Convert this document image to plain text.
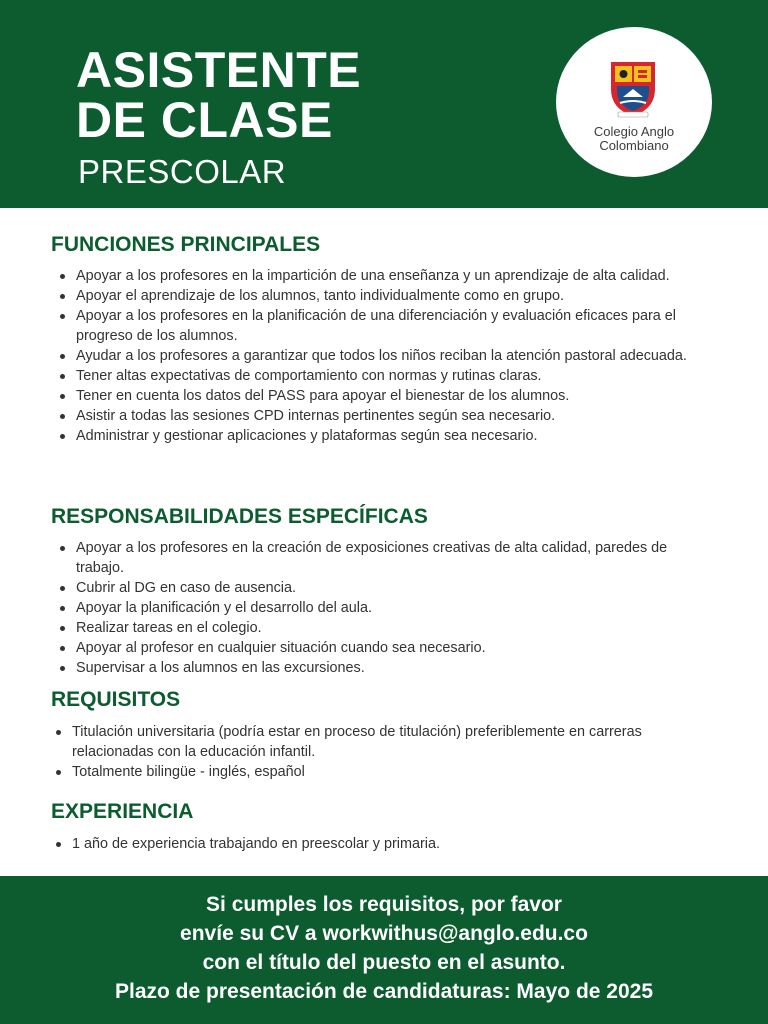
ASISTENTE
DE CLASE
PRESCOLAR
Colegio Anglo
Colombiano
FUNCIONES PRINCIPALES
Apoyar a los profesores en la impartición de una enseñanza y un aprendizaje de alta calidad.
Apoyar el aprendizaje de los alumnos, tanto individualmente como en grupo.
Apoyar a los profesores en la planificación de una diferenciación y evaluación eficaces para el progreso de los alumnos.
Ayudar a los profesores a garantizar que todos los niños reciban la atención pastoral adecuada.
Tener altas expectativas de comportamiento con normas y rutinas claras.
Tener en cuenta los datos del PASS para apoyar el bienestar de los alumnos.
Asistir a todas las sesiones CPD internas pertinentes según sea necesario.
Administrar y gestionar aplicaciones y plataformas según sea necesario.
RESPONSABILIDADES ESPECÍFICAS
Apoyar a los profesores en la creación de exposiciones creativas de alta calidad, paredes de trabajo.
Cubrir al DG en caso de ausencia.
Apoyar la planificación y el desarrollo del aula.
Realizar tareas en el colegio.
Apoyar al profesor en cualquier situación cuando sea necesario.
Supervisar a los alumnos en las excursiones.
REQUISITOS
Titulación universitaria (podría estar en proceso de titulación) preferiblemente en carreras relacionadas con la educación infantil.
Totalmente bilingüe - inglés, español
EXPERIENCIA
1 año de experiencia trabajando en preescolar y primaria.
Si cumples los requisitos, por favor
envíe su CV a workwithus@anglo.edu.co
con el título del puesto en el asunto.
Plazo de presentación de candidaturas: Mayo de 2025
